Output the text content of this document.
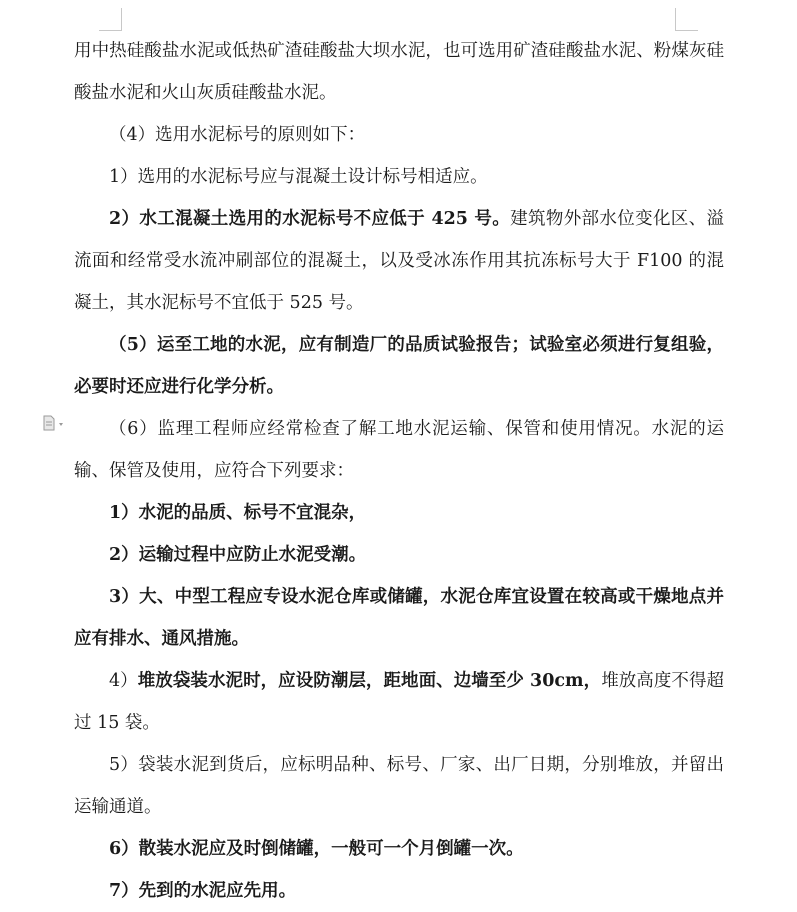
用中热硅酸盐水泥或低热矿渣硅酸盐大坝水泥，也可选用矿渣硅酸盐水泥、粉煤灰硅酸盐水泥和火山灰质硅酸盐水泥。

（4）选用水泥标号的原则如下：

1）选用的水泥标号应与混凝土设计标号相适应。

2）水工混凝土选用的水泥标号不应低于 425 号。建筑物外部水位变化区、溢流面和经常受水流冲刷部位的混凝土，以及受冰冻作用其抗冻标号大于 F100 的混凝土，其水泥标号不宜低于 525 号。

（5）运至工地的水泥，应有制造厂的品质试验报告；试验室必须进行复组验，必要时还应进行化学分析。

（6）监理工程师应经常检查了解工地水泥运输、保管和使用情况。水泥的运输、保管及使用，应符合下列要求：

1）水泥的品质、标号不宜混杂，

2）运输过程中应防止水泥受潮。

3）大、中型工程应专设水泥仓库或储罐，水泥仓库宜设置在较高或干燥地点并应有排水、通风措施。

4）堆放袋装水泥时，应设防潮层，距地面、边墙至少 30cm，堆放高度不得超过 15 袋。

5）袋装水泥到货后，应标明品种、标号、厂家、出厂日期，分别堆放，并留出运输通道。

6）散装水泥应及时倒储罐，一般可一个月倒罐一次。

7）先到的水泥应先用。
